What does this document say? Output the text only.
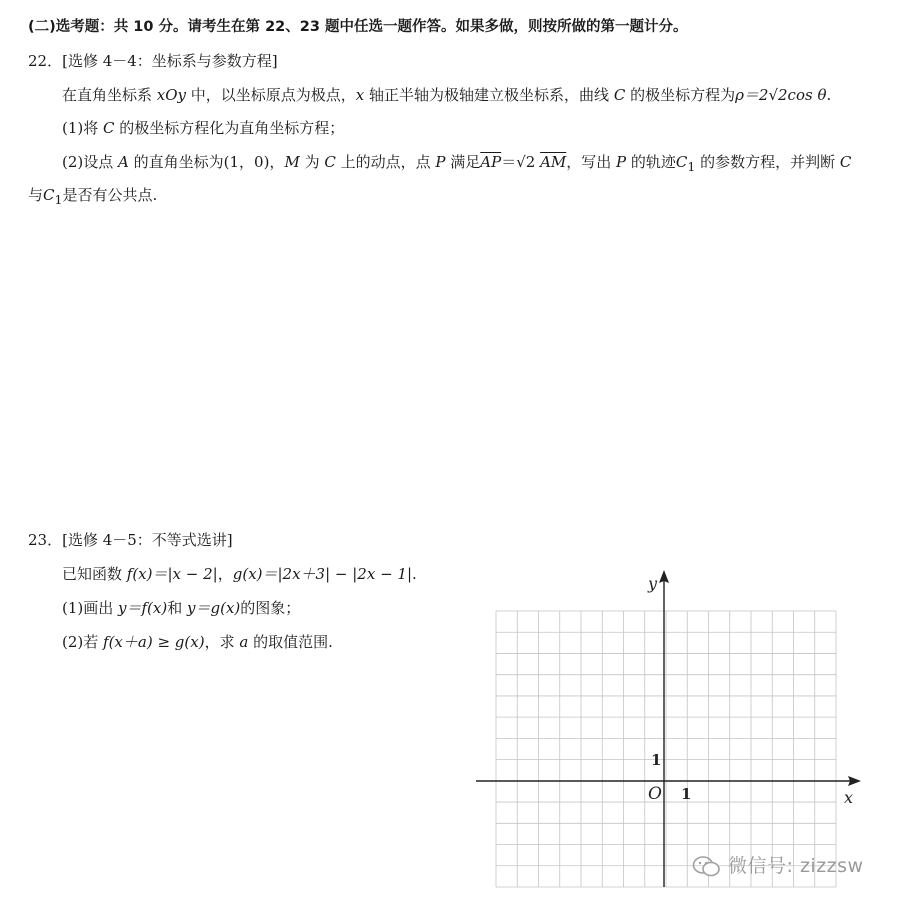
(二)选考题：共 10 分。请考生在第 22、23 题中任选一题作答。如果多做，则按所做的第一题计分。
22．[选修 4－4：坐标系与参数方程]
在直角坐标系 xOy 中，以坐标原点为极点，x 轴正半轴为极轴建立极坐标系，曲线 C 的极坐标方程为ρ＝2√2cos θ.
(1)将 C 的极坐标方程化为直角坐标方程；
(2)设点 A 的直角坐标为(1，0)，M 为 C 上的动点，点 P 满足$\overline{AP}=√2$ $\overline{AM}$，写出 P 的轨迹$C_1$ 的参数方程，并判断 C
与$C_1$是否有公共点.
23．[选修 4－5：不等式选讲]
已知函数 f(x)＝|x − 2|，g(x)＝|2x＋3| − |2x − 1|.
(1)画出 y＝f(x)和 y＝g(x)的图象；
(2)若 f(x＋a) ≥ g(x)，求 a 的取值范围.
y
x
O 1
1
微信号: zizzsw
